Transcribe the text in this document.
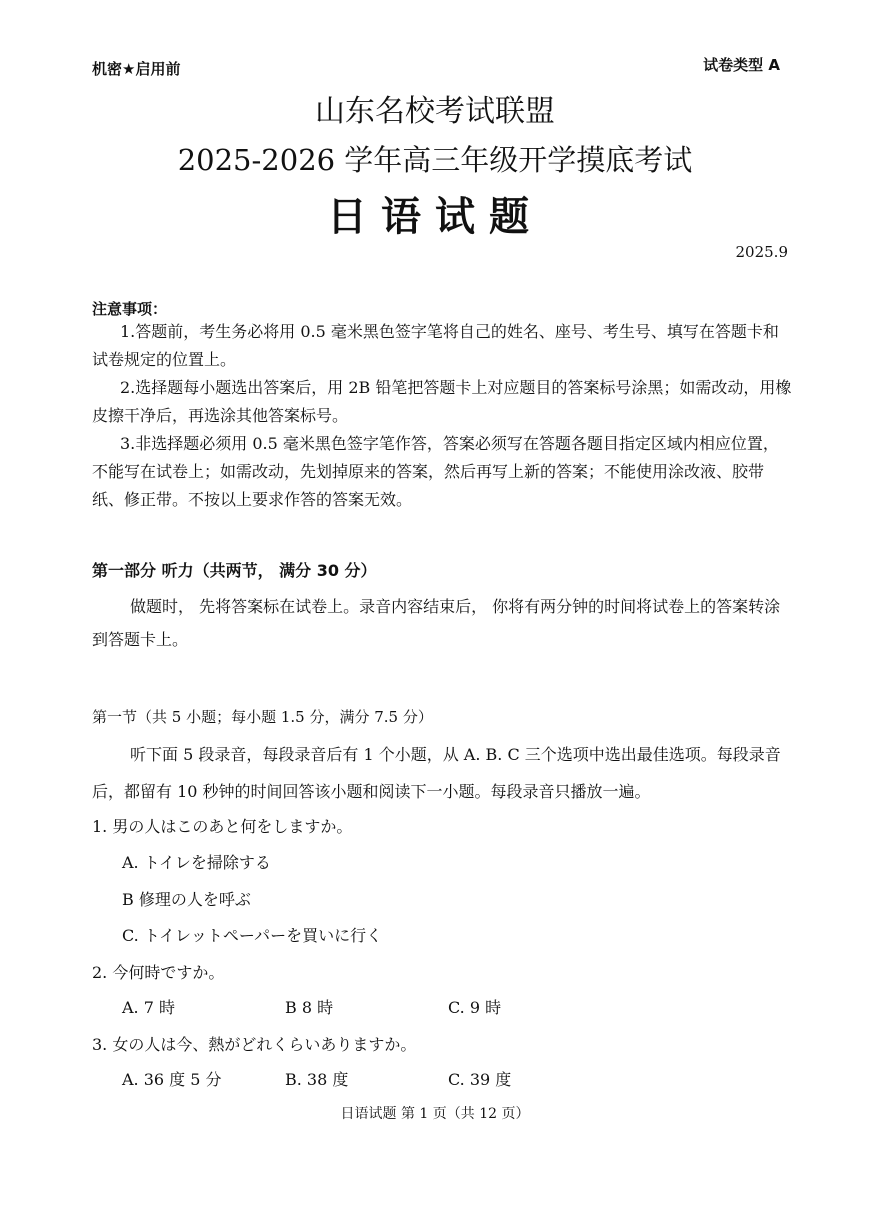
机密★启用前	试卷类型 A
山东名校考试联盟
2025-2026 学年高三年级开学摸底考试
日语试题
2025.9
注意事项：

1.答题前，考生务必将用 0.5 毫米黑色签字笔将自己的姓名、座号、考生号、填写在答题卡和试卷规定的位置上。

2.选择题每小题选出答案后，用 2B 铅笔把答题卡上对应题目的答案标号涂黑；如需改动，用橡皮擦干净后，再选涂其他答案标号。

3.非选择题必须用 0.5 毫米黑色签字笔作答，答案必须写在答题各题目指定区域内相应位置，不能写在试卷上；如需改动，先划掉原来的答案，然后再写上新的答案；不能使用涂改液、胶带纸、修正带。不按以上要求作答的答案无效。

第一部分 听力（共两节， 满分 30 分）
做题时， 先将答案标在试卷上。录音内容结束后， 你将有两分钟的时间将试卷上的答案转涂到答题卡上。
第一节（共 5 小题；每小题 1.5 分，满分 7.5 分）
听下面 5 段录音，每段录音后有 1 个小题，从 A. B. C 三个选项中选出最佳选项。每段录音后，都留有 10 秒钟的时间回答该小题和阅读下一小题。每段录音只播放一遍。
1. 男の人はこのあと何をしますか。
A. トイレを掃除する
B 修理の人を呼ぶ
C. トイレットペーパーを買いに行く
2. 今何時ですか。
A. 7 時	B 8 時	C. 9 時
3. 女の人は今、熱がどれくらいありますか。
A. 36 度 5 分	B. 38 度	C. 39 度
日语试题 第 1 页（共 12 页）
